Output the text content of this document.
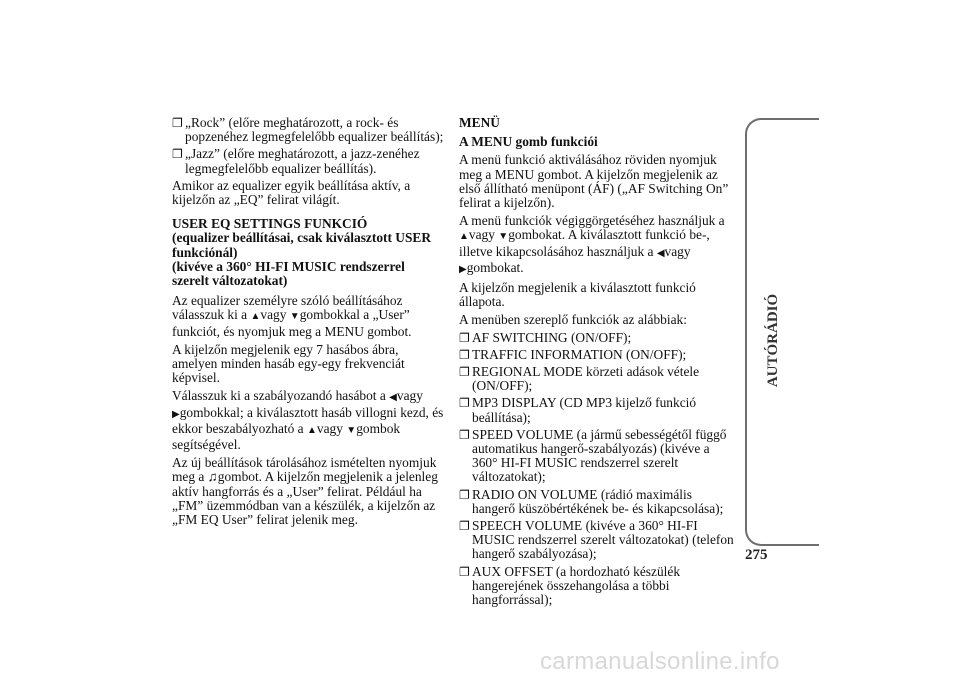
❐ „Rock” (előre meghatározott, a rock- és popzenéhez legmegfelelőbb equalizer beállítás);
❐ „Jazz” (előre meghatározott, a jazz-zenéhez legmegfelelőbb equalizer beállítás).

Amikor az equalizer egyik beállítása aktív, a kijelzőn az „EQ” felirat világít.

USER EQ SETTINGS FUNKCIÓ

(equalizer beállításai, csak kiválasztott USER funkciónál)

(kivéve a 360° HI-FI MUSIC rendszerrel szerelt változatokat)

Az equalizer személyre szóló beállításához válasszuk ki a ▲vagy ▼gombokkal a „User” funkciót, és nyomjuk meg a MENU gombot.

A kijelzőn megjelenik egy 7 hasábos ábra, amelyen minden hasáb egy-egy frekvenciát képvisel.

Válasszuk ki a szabályozandó hasábot a ◀vagy ▶gombokkal; a kiválasztott hasáb villogni kezd, és ekkor beszabályozható a ▲vagy ▼gombok segítségével.

Az új beállítások tárolásához ismételten nyomjuk meg a ♫gombot. A kijelzőn megjelenik a jelenleg aktív hangforrás és a „User” felirat. Például ha „FM” üzemmódban van a készülék, a kijelzőn az „FM EQ User” felirat jelenik meg.

MENÜ

A MENU gomb funkciói

A menü funkció aktiválásához röviden nyomjuk meg a MENU gombot. A kijelzőn megjelenik az első állítható menüpont (ÁF) („AF Switching On” felirat a kijelzőn).

A menü funkciók végiggörgetéséhez használjuk a ▲vagy ▼gombokat. A kiválasztott funkció be-, illetve kikapcsolásához használjuk a ◀vagy ▶gombokat.

A kijelzőn megjelenik a kiválasztott funkció állapota.

A menüben szereplő funkciók az alábbiak:

❐ AF SWITCHING (ON/OFF);
❐ TRAFFIC INFORMATION (ON/OFF);
❐ REGIONAL MODE körzeti adások vétele (ON/OFF);
❐ MP3 DISPLAY (CD MP3 kijelző funkció beállítása);
❐ SPEED VOLUME (a jármű sebességétől függő automatikus hangerő-szabályozás) (kivéve a 360° HI-FI MUSIC rendszerrel szerelt változatokat);
❐ RADIO ON VOLUME (rádió maximális hangerő küszöbértékének be- és kikapcsolása);
❐ SPEECH VOLUME (kivéve a 360° HI-FI MUSIC rendszerrel szerelt változatokat) (telefon hangerő szabályozása);
❐ AUX OFFSET (a hordozható készülék hangerejének összehangolása a többi hangforrással);
AUTÓRÁDIÓ
275
carmanualsonline.info
